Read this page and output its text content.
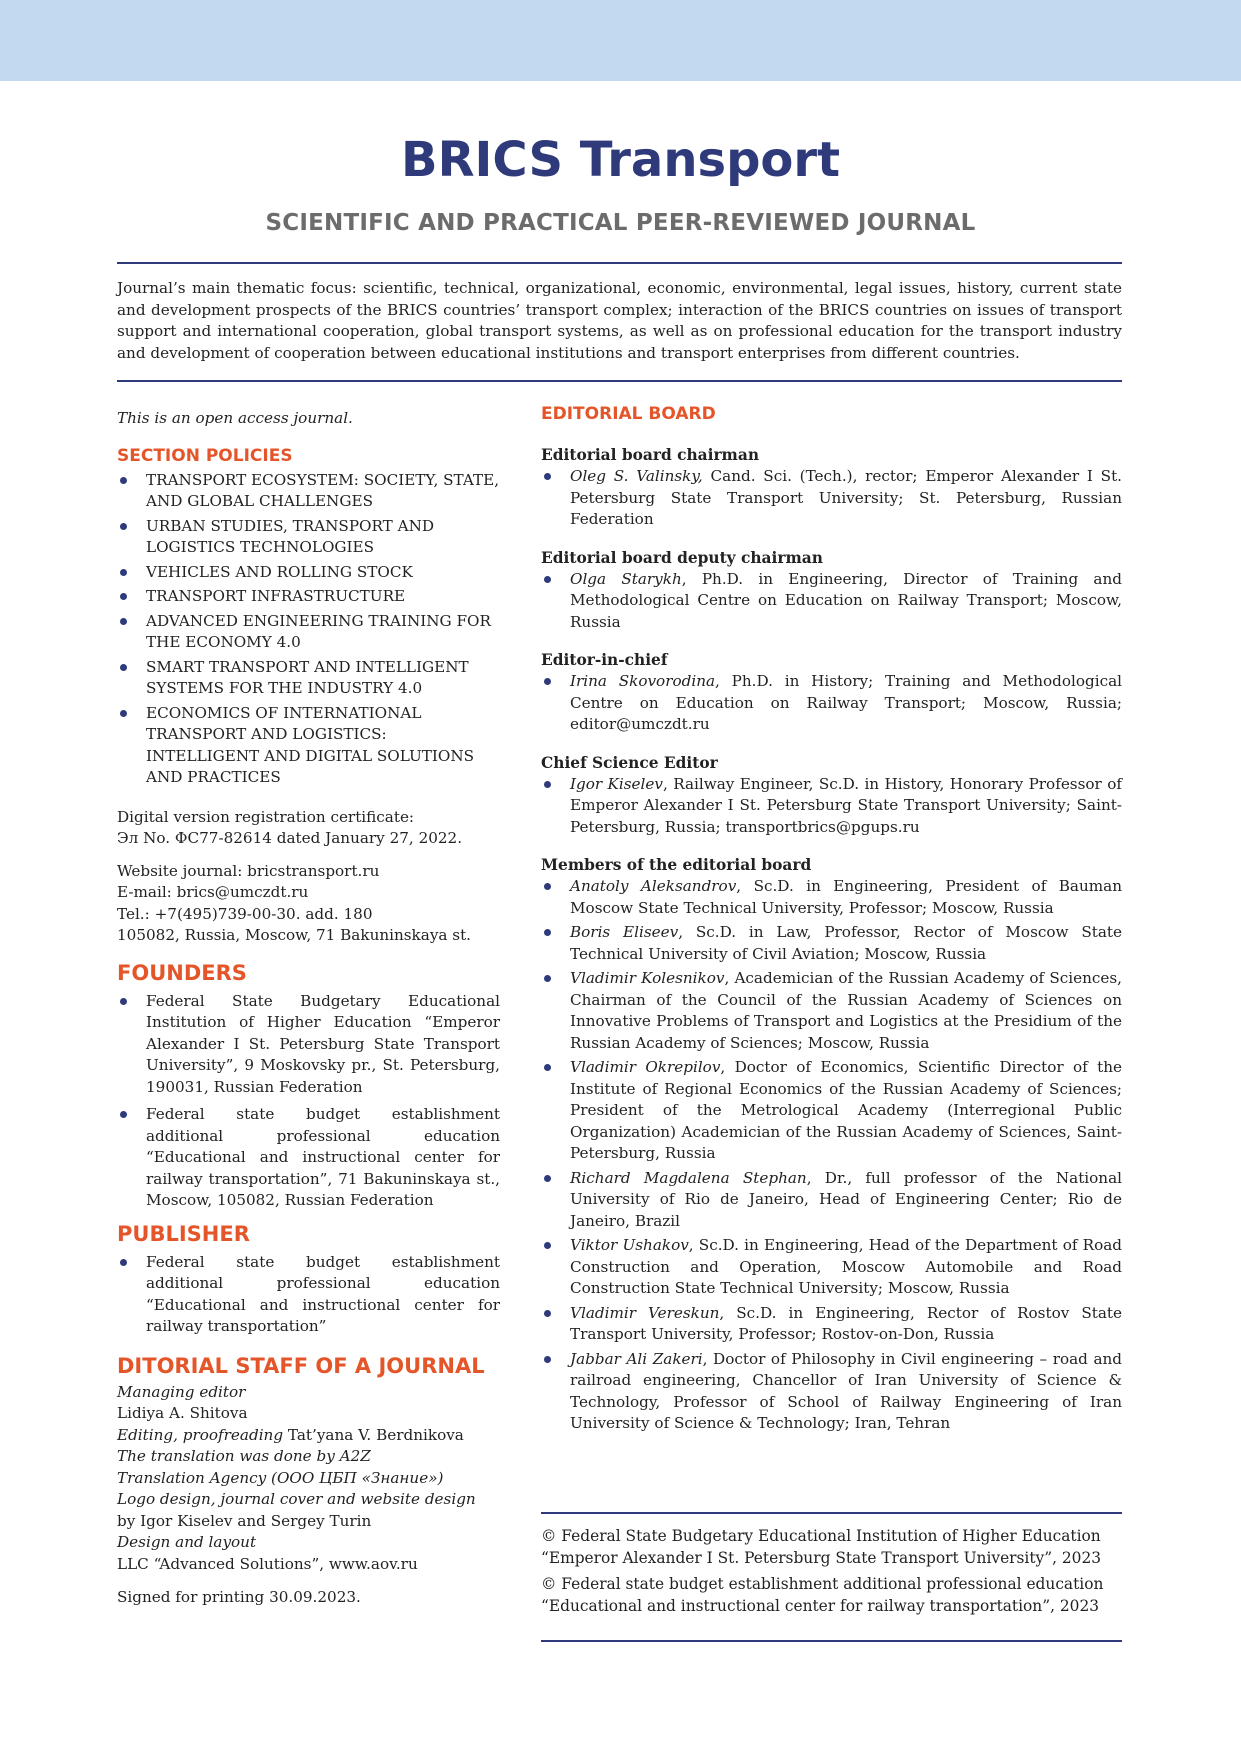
BRICS Transport
SCIENTIFIC AND PRACTICAL PEER-REVIEWED JOURNAL

Journal’s main thematic focus: scientific, technical, organizational, economic, environmental, legal issues, history, current state and development prospects of the BRICS countries’ transport complex; interaction of the BRICS countries on issues of transport support and international cooperation, global transport systems, as well as on professional education for the transport industry and development of cooperation between educational institutions and transport enterprises from different countries.

This is an open access journal.

SECTION POLICIES
TRANSPORT ECOSYSTEM: SOCIETY, STATE, AND GLOBAL CHALLENGES
URBAN STUDIES, TRANSPORT AND LOGISTICS TECHNOLOGIES
VEHICLES AND ROLLING STOCK
TRANSPORT INFRASTRUCTURE
ADVANCED ENGINEERING TRAINING FOR THE ECONOMY 4.0
SMART TRANSPORT AND INTELLIGENT SYSTEMS FOR THE INDUSTRY 4.0
ECONOMICS OF INTERNATIONAL TRANSPORT AND LOGISTICS: INTELLIGENT AND DIGITAL SOLUTIONS AND PRACTICES

Digital version registration certificate:

Эл No. ФС77-82614 dated January 27, 2022.

Website journal: bricstransport.ru

E-mail: brics@umczdt.ru

Tel.: +7(495)739-00-30. add. 180

105082, Russia, Moscow, 71 Bakuninskaya st.

FOUNDERS
Federal State Budgetary Educational Institution of Higher Education “Emperor Alexander I St. Petersburg State Transport University”, 9 Moskovsky pr., St. Petersburg, 190031, Russian Federation
Federal state budget establishment additional professional education “Educational and instructional center for railway transportation”, 71 Bakuninskaya st., Moscow, 105082, Russian Federation
PUBLISHER
Federal state budget establishment additional professional education “Educational and instructional center for railway transportation”
DITORIAL STAFF OF A JOURNAL

Managing editor

Lidiya A. Shitova

Editing, proofreading Tat’yana V. Berdnikova

The translation was done by A2Z

Translation Agency (ООО ЦБП «Знание»)

Logo design, journal cover and website design

by Igor Kiselev and Sergey Turin

Design and layout

LLC “Advanced Solutions”, www.aov.ru

Signed for printing 30.09.2023.

EDITORIAL BOARD
Editorial board chairman
Oleg S. Valinsky, Cand. Sci. (Tech.), rector; Emperor Alexander I St. Petersburg State Transport University; St. Petersburg, Russian Federation
Editorial board deputy chairman
Olga Starykh, Ph.D. in Engineering, Director of Training and Methodological Centre on Education on Railway Transport; Moscow, Russia
Editor-in-chief
Irina Skovorodina, Ph.D. in History; Training and Methodological Centre on Education on Railway Transport; Moscow, Russia; editor@umczdt.ru
Chief Science Editor
Igor Kiselev, Railway Engineer, Sc.D. in History, Honorary Professor of Emperor Alexander I St. Petersburg State Transport University; Saint-Petersburg, Russia; transportbrics@pgups.ru
Members of the editorial board
Anatoly Aleksandrov, Sc.D. in Engineering, President of Bauman Moscow State Technical University, Professor; Moscow, Russia
Boris Eliseev, Sc.D. in Law, Professor, Rector of Moscow State Technical University of Civil Aviation; Moscow, Russia
Vladimir Kolesnikov, Academician of the Russian Academy of Sciences, Chairman of the Council of the Russian Academy of Sciences on Innovative Problems of Transport and Logistics at the Presidium of the Russian Academy of Sciences; Moscow, Russia
Vladimir Okrepilov, Doctor of Economics, Scientific Director of the Institute of Regional Economics of the Russian Academy of Sciences; President of the Metrological Academy (Interregional Public Organization) Academician of the Russian Academy of Sciences, Saint-Petersburg, Russia
Richard Magdalena Stephan, Dr., full professor of the National University of Rio de Janeiro, Head of Engineering Center; Rio de Janeiro, Brazil
Viktor Ushakov, Sc.D. in Engineering, Head of the Department of Road Construction and Operation, Moscow Automobile and Road Construction State Technical University; Moscow, Russia
Vladimir Vereskun, Sc.D. in Engineering, Rector of Rostov State Transport University, Professor; Rostov-on-Don, Russia
Jabbar Ali Zakeri, Doctor of Philosophy in Civil engineering – road and railroad engineering, Chancellor of Iran University of Science & Technology, Professor of School of Railway Engineering of Iran University of Science & Technology; Iran, Tehran

© Federal State Budgetary Educational Institution of Higher Education “Emperor Alexander I St. Petersburg State Transport University”, 2023

© Federal state budget establishment additional professional education “Educational and instructional center for railway transportation”, 2023
